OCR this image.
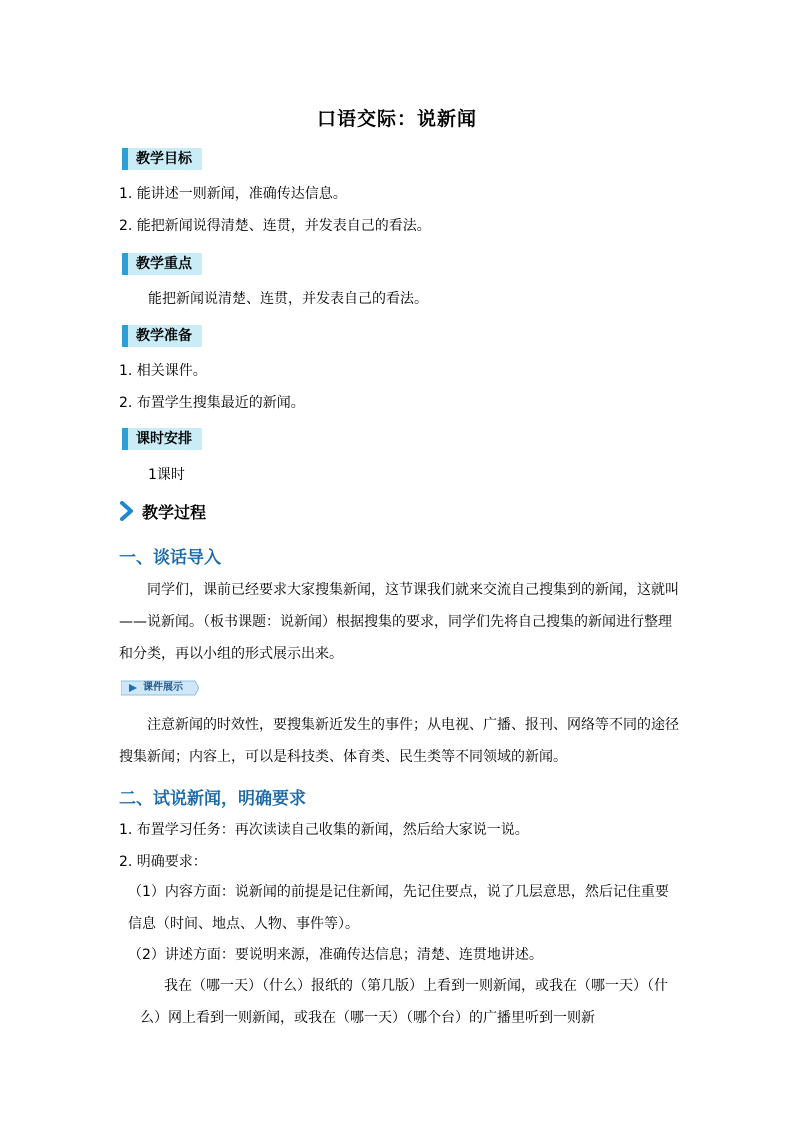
口语交际：说新闻
教学目标
1. 能讲述一则新闻，准确传达信息。
2. 能把新闻说得清楚、连贯，并发表自己的看法。
教学重点
能把新闻说清楚、连贯，并发表自己的看法。
教学准备
1. 相关课件。
2. 布置学生搜集最近的新闻。
课时安排
1课时
教学过程
一、谈话导入
同学们，课前已经要求大家搜集新闻，这节课我们就来交流自己搜集到的新闻，这就叫——说新闻。（板书课题：说新闻）根据搜集的要求，同学们先将自己搜集的新闻进行整理和分类，再以小组的形式展示出来。
课件展示
注意新闻的时效性，要搜集新近发生的事件；从电视、广播、报刊、网络等不同的途径搜集新闻；内容上，可以是科技类、体育类、民生类等不同领域的新闻。
二、试说新闻，明确要求
1. 布置学习任务：再次读读自己收集的新闻，然后给大家说一说。
2. 明确要求：
（1）内容方面：说新闻的前提是记住新闻，先记住要点，说了几层意思，然后记住重要信息（时间、地点、人物、事件等）。
（2）讲述方面：要说明来源，准确传达信息；清楚、连贯地讲述。
我在（哪一天）（什么）报纸的（第几版）上看到一则新闻，或我在（哪一天）（什么）网上看到一则新闻，或我在（哪一天）（哪个台）的广播里听到一则新
